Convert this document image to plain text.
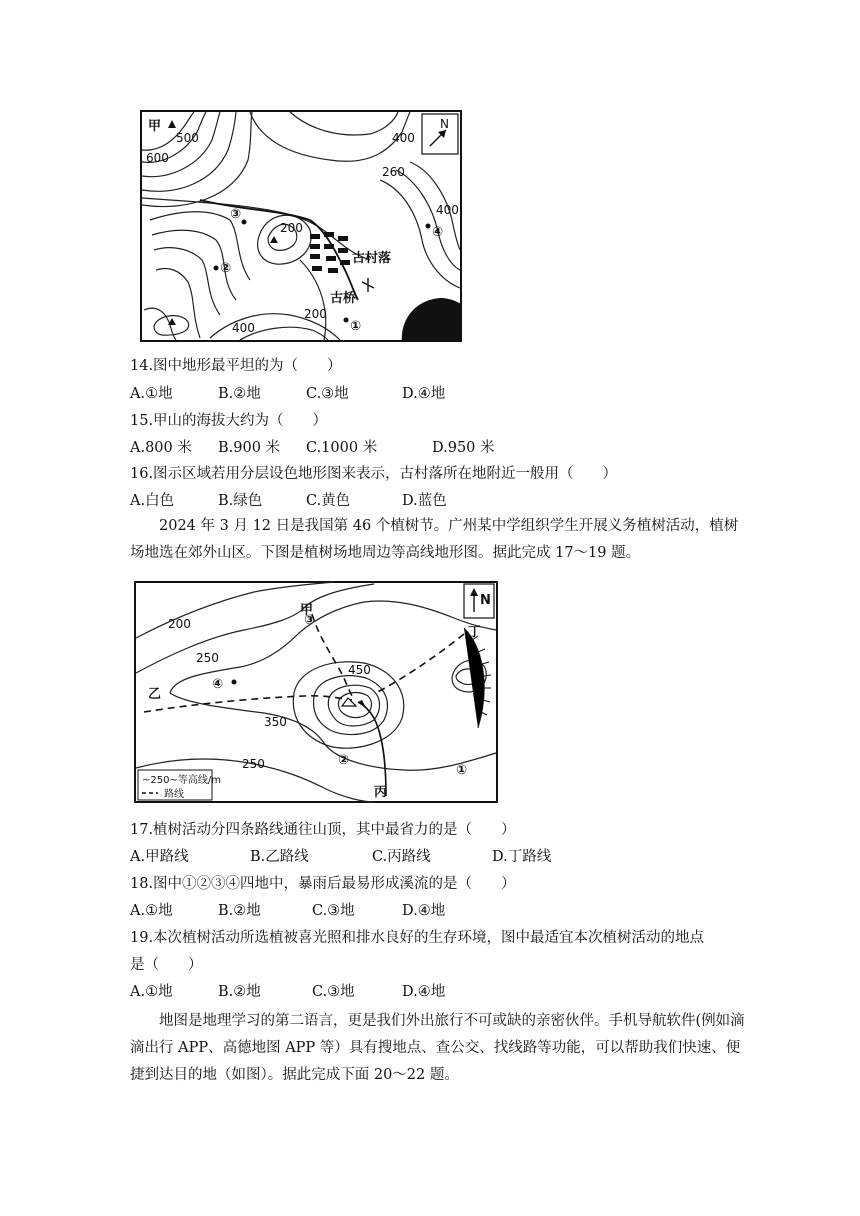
甲	N
500
600
400
260
400
200
200
400
古村落
古桥
③
②
④
①
14.图中地形最平坦的为（　　）
A.①地	B.②地	C.③地	D.④地
15.甲山的海拔大约为（　　）
A.800 米 B.900 米 C.1000 米	D.950 米
16.图示区域若用分层设色地形图来表示，古村落所在地附近一般用（　　）
A.白色	B.绿色	C.黄色	D.蓝色
2024 年 3 月 12 日是我国第 46 个植树节。广州某中学组织学生开展义务植树活动，植树场地选在郊外山区。下图是植树场地周边等高线地形图。据此完成 17～19 题。
~250~等高线/m
路线
N
甲
乙
丙
丁
200
250
350
450
250
③
④
②
①
17.植树活动分四条路线通往山顶，其中最省力的是（　　）
A.甲路线	B.乙路线	C.丙路线	D.丁路线
18.图中①②③④四地中，暴雨后最易形成溪流的是（　　）
A.①地	B.②地	C.③地	D.④地
19.本次植树活动所选植被喜光照和排水良好的生存环境，图中最适宜本次植树活动的地点
是（　　）
A.①地	B.②地	C.③地	D.④地
地图是地理学习的第二语言，更是我们外出旅行不可或缺的亲密伙伴。手机导航软件(例如滴滴出行 APP、高德地图 APP 等）具有搜地点、查公交、找线路等功能，可以帮助我们快速、便捷到达目的地（如图）。据此完成下面 20～22 题。
